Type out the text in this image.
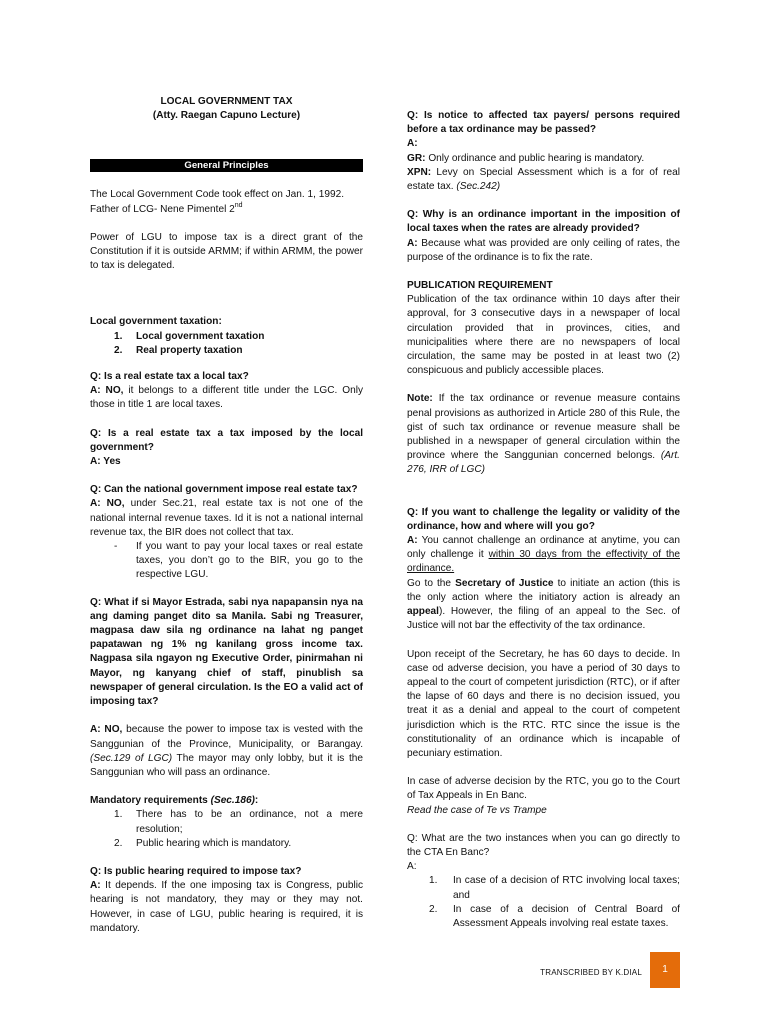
LOCAL GOVERNMENT TAX

(Atty. Raegan Capuno Lecture)

General Principles

The Local Government Code took effect on Jan. 1, 1992.

Father of LCG- Nene Pimentel 2nd

Power of LGU to impose tax is a direct grant of the Constitution if it is outside ARMM; if within ARMM, the power to tax is delegated.

Local government taxation:

1. Local government taxation
2. Real property taxation

Q: Is a real estate tax a local tax?

A: NO, it belongs to a different title under the LGC. Only those in title 1 are local taxes.

Q: Is a real estate tax a tax imposed by the local government?

A: Yes

Q: Can the national government impose real estate tax?

A: NO, under Sec.21, real estate tax is not one of the national internal revenue taxes. Id it is not a national internal revenue tax, the BIR does not collect that tax.

- If you want to pay your local taxes or real estate taxes, you don’t go to the BIR, you go to the respective LGU.

Q: What if si Mayor Estrada, sabi nya napapansin nya na ang daming panget dito sa Manila. Sabi ng Treasurer, magpasa daw sila ng ordinance na lahat ng panget papatawan ng 1% ng kanilang gross income tax. Nagpasa sila ngayon ng Executive Order, pinirmahan ni Mayor, ng kanyang chief of staff, pinublish sa newspaper of general circulation. Is the EO a valid act of imposing tax?

A: NO, because the power to impose tax is vested with the Sanggunian of the Province, Municipality, or Barangay. (Sec.129 of LGC) The mayor may only lobby, but it is the Sanggunian who will pass an ordinance.

Mandatory requirements (Sec.186):

1. There has to be an ordinance, not a mere resolution;
2. Public hearing which is mandatory.

Q: Is public hearing required to impose tax?

A: It depends. If the one imposing tax is Congress, public hearing is not mandatory, they may or they may not. However, in case of LGU, public hearing is required, it is mandatory.

Q: Is notice to affected tax payers/ persons required before a tax ordinance may be passed?

A:

GR: Only ordinance and public hearing is mandatory.

XPN: Levy on Special Assessment which is a for of real estate tax. (Sec.242)

Q: Why is an ordinance important in the imposition of local taxes when the rates are already provided?

A: Because what was provided are only ceiling of rates, the purpose of the ordinance is to fix the rate.

PUBLICATION REQUIREMENT

Publication of the tax ordinance within 10 days after their approval, for 3 consecutive days in a newspaper of local circulation provided that in provinces, cities, and municipalities where there are no newspapers of local circulation, the same may be posted in at least two (2) conspicuous and publicly accessible places.

Note: If the tax ordinance or revenue measure contains penal provisions as authorized in Article 280 of this Rule, the gist of such tax ordinance or revenue measure shall be published in a newspaper of general circulation within the province where the Sanggunian concerned belongs. (Art. 276, IRR of LGC)

Q: If you want to challenge the legality or validity of the ordinance, how and where will you go?

A: You cannot challenge an ordinance at anytime, you can only challenge it within 30 days from the effectivity of the ordinance.

Go to the Secretary of Justice to initiate an action (this is the only action where the initiatory action is already an appeal). However, the filing of an appeal to the Sec. of Justice will not bar the effectivity of the tax ordinance.

Upon receipt of the Secretary, he has 60 days to decide. In case od adverse decision, you have a period of 30 days to appeal to the court of competent jurisdiction (RTC), or if after the lapse of 60 days and there is no decision issued, you treat it as a denial and appeal to the court of competent jurisdiction which is the RTC. RTC since the issue is the constitutionality of an ordinance which is incapable of pecuniary estimation.

In case of adverse decision by the RTC, you go to the Court of Tax Appeals in En Banc.

Read the case of Te vs Trampe

Q: What are the two instances when you can go directly to the CTA En Banc?

A:

1. In case of a decision of RTC involving local taxes; and
2. In case of a decision of Central Board of Assessment Appeals involving real estate taxes.
TRANSCRIBED BY K.DIAL	1
